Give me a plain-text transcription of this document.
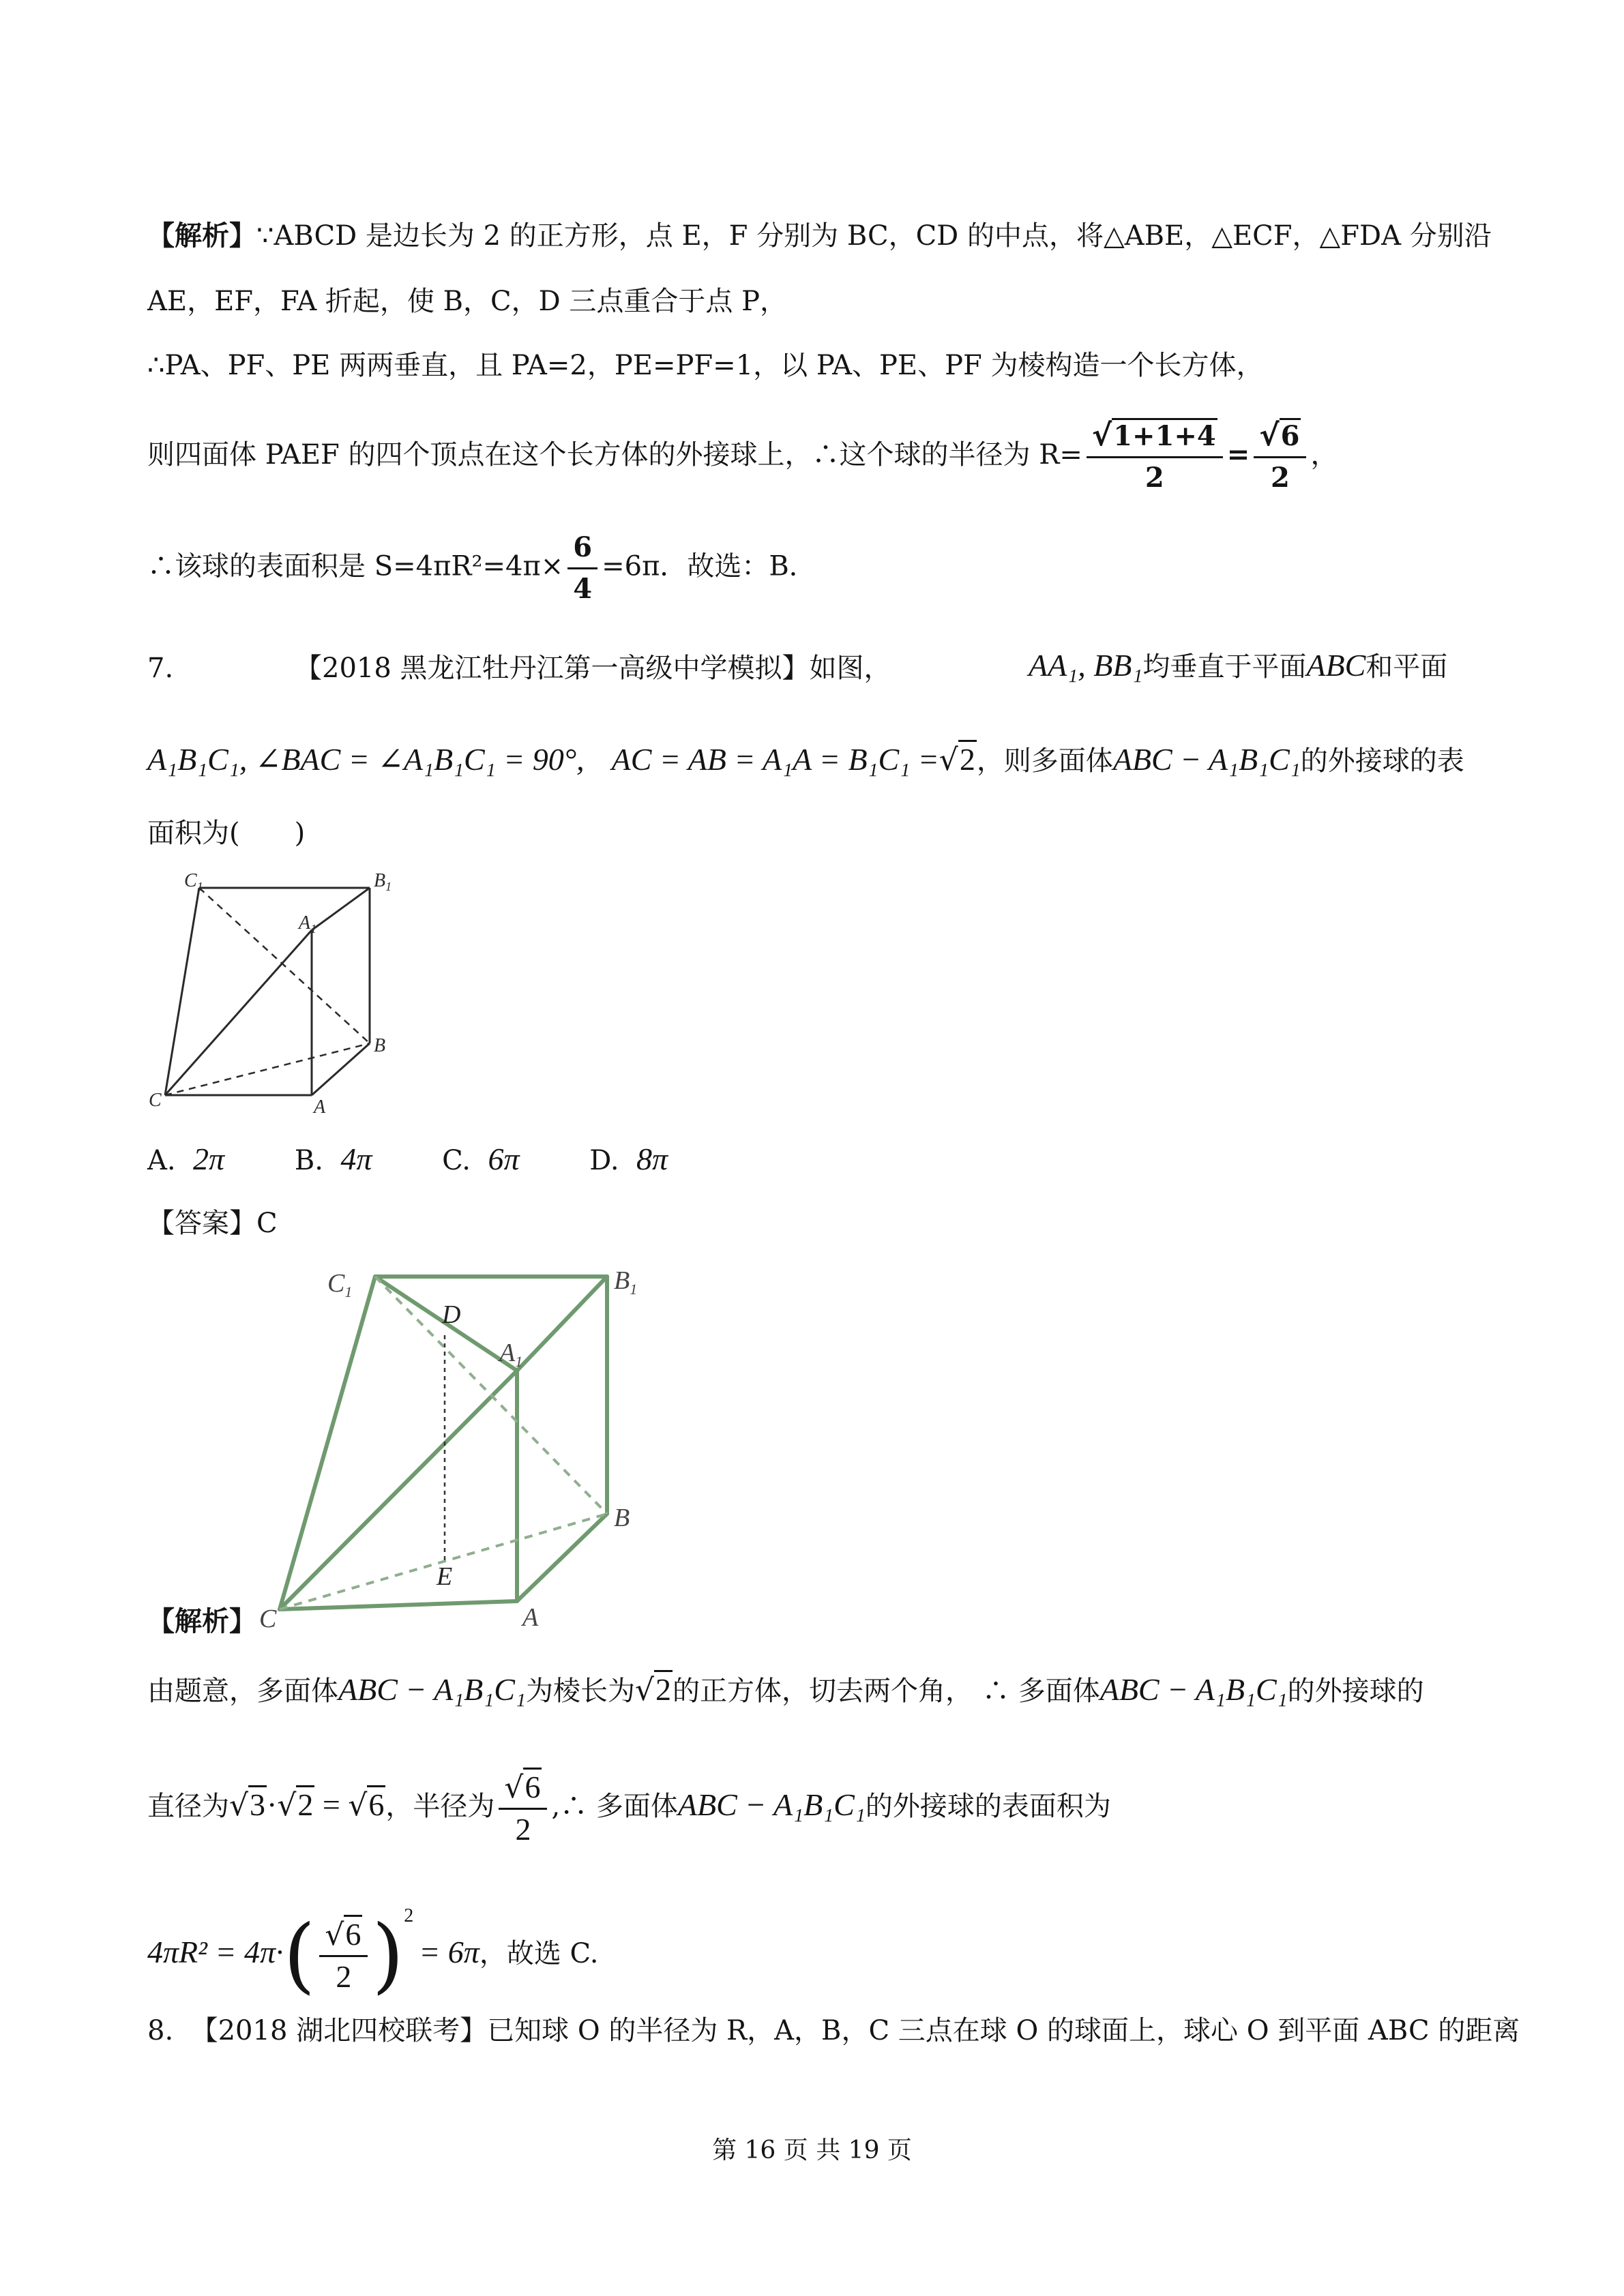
【解析】∵ABCD 是边长为 2 的正方形，点 E，F 分别为 BC，CD 的中点，将△ABE，△ECF，△FDA 分别沿
AE，EF，FA 折起，使 B，C，D 三点重合于点 P，
∴PA、PF、PE 两两垂直，且 PA=2，PE=PF=1，以 PA、PE、PF 为棱构造一个长方体，
则四面体 PAEF 的四个顶点在这个长方体的外接球上，∴这个球的半径为 $R= \frac{√1+1+4}{2} = \frac{√6}{2}$ ，
∴该球的表面积是 $S=4\pi R^2=4\pi\times \frac{6}{4} =6\pi$．故选：B．
7.	【2018 黑龙江牡丹江第一高级中学模拟】如图，	AA₁, BB₁均垂直于平面ABC和平面
A₁B₁C₁, ∠BAC = ∠A₁B₁C₁ = 90°, AC = AB = A₁A = B₁C₁ =√2，则多面体ABC − A₁B₁C₁的外接球的表
面积为(　　)
$C_1$	$B_1$
$A_1$
B
C	A
A. 2π	B. 4π	C. 6π	D. 8π
【答案】C
$C_1$
D
$A_1$
$B_1$
B
E
C	A
【解析】
由题意，多面体ABC − A₁B₁C₁为棱长为√2的正方体，切去两个角， ∴ 多面体ABC − A₁B₁C₁的外接球的
直径为√3·√2 = √6，半径为 $\frac{√6}{2}$ ,∴ 多面体ABC − A₁B₁C₁的外接球的表面积为
$4\pi R^2 = 4\pi\cdot( \frac{√6}{2} )^2= 6\pi$，故选 C.
8. 【2018 湖北四校联考】已知球 O 的半径为 R，A，B，C 三点在球 O 的球面上，球心 O 到平面 ABC 的距离
第 16 页 共 19 页
